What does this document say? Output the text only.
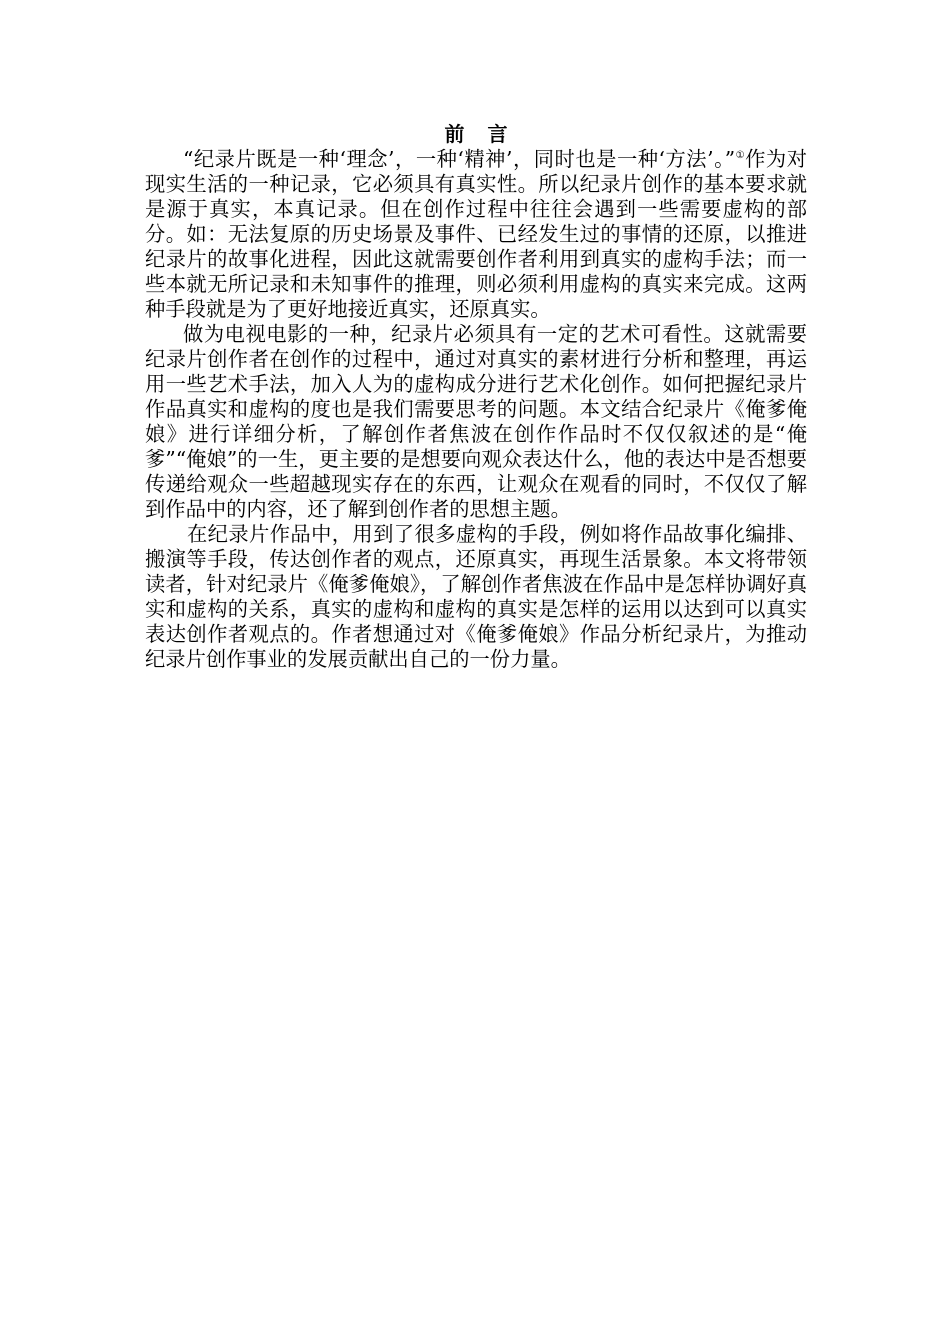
前 言

“纪录片既是一种‘理念’，一种‘精神’，同时也是一种‘方法’。”①作为对现实生活的一种记录，它必须具有真实性。所以纪录片创作的基本要求就是源于真实，本真记录。但在创作过程中往往会遇到一些需要虚构的部分。如：无法复原的历史场景及事件、已经发生过的事情的还原，以推进纪录片的故事化进程，因此这就需要创作者利用到真实的虚构手法；而一些本就无所记录和未知事件的推理，则必须利用虚构的真实来完成。这两种手段就是为了更好地接近真实，还原真实。

做为电视电影的一种，纪录片必须具有一定的艺术可看性。这就需要纪录片创作者在创作的过程中，通过对真实的素材进行分析和整理，再运用一些艺术手法，加入人为的虚构成分进行艺术化创作。如何把握纪录片作品真实和虚构的度也是我们需要思考的问题。本文结合纪录片《俺爹俺娘》进行详细分析，了解创作者焦波在创作作品时不仅仅叙述的是“俺爹”“俺娘”的一生，更主要的是想要向观众表达什么，他的表达中是否想要传递给观众一些超越现实存在的东西，让观众在观看的同时，不仅仅了解到作品中的内容，还了解到创作者的思想主题。

在纪录片作品中，用到了很多虚构的手段，例如将作品故事化编排、搬演等手段，传达创作者的观点，还原真实，再现生活景象。本文将带领读者，针对纪录片《俺爹俺娘》，了解创作者焦波在作品中是怎样协调好真实和虚构的关系，真实的虚构和虚构的真实是怎样的运用以达到可以真实表达创作者观点的。作者想通过对《俺爹俺娘》作品分析纪录片，为推动纪录片创作事业的发展贡献出自己的一份力量。
